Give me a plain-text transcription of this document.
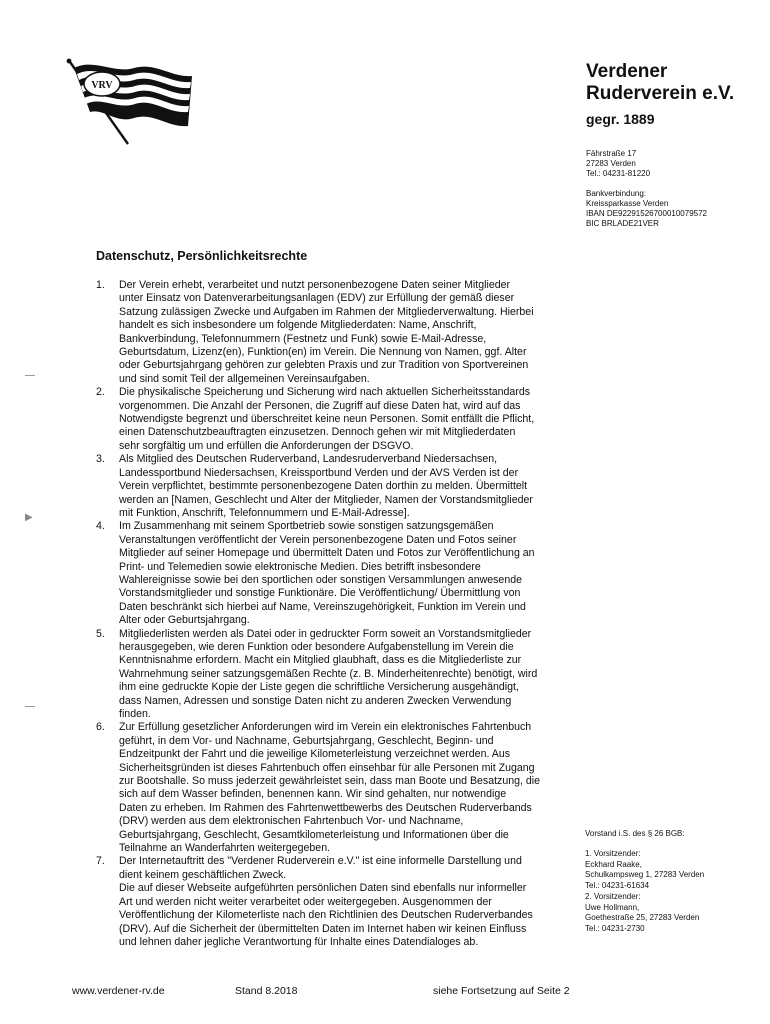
VRV
Verdener
Ruderverein e.V.
gegr. 1889
Fährstraße 17
27283 Verden
Tel.: 04231-81220
Bankverbindung:
Kreissparkasse Verden
IBAN DE92291526700010079572
BIC BRLADE21VER
Datenschutz, Persönlichkeitsrechte
1. Der Verein erhebt, verarbeitet und nutzt personenbezogene Daten seiner Mitglieder
unter Einsatz von Datenverarbeitungsanlagen (EDV) zur Erfüllung der gemäß dieser
Satzung zulässigen Zwecke und Aufgaben im Rahmen der Mitgliederverwaltung. Hierbei
handelt es sich insbesondere um folgende Mitgliederdaten: Name, Anschrift,
Bankverbindung, Telefonnummern (Festnetz und Funk) sowie E-Mail-Adresse,
Geburtsdatum, Lizenz(en), Funktion(en) im Verein. Die Nennung von Namen, ggf. Alter
oder Geburtsjahrgang gehören zur gelebten Praxis und zur Tradition von Sportvereinen
und sind somit Teil der allgemeinen Vereinsaufgaben.
2. Die physikalische Speicherung und Sicherung wird nach aktuellen Sicherheitsstandards
vorgenommen. Die Anzahl der Personen, die Zugriff auf diese Daten hat, wird auf das
Notwendigste begrenzt und überschreitet keine neun Personen. Somit entfällt die Pflicht,
einen Datenschutzbeauftragten einzusetzen. Dennoch gehen wir mit Mitgliederdaten
sehr sorgfältig um und erfüllen die Anforderungen der DSGVO.
3. Als Mitglied des Deutschen Ruderverband, Landesruderverband Niedersachsen,
Landessportbund Niedersachsen, Kreissportbund Verden und der AVS Verden ist der
Verein verpflichtet, bestimmte personenbezogene Daten dorthin zu melden. Übermittelt
werden an [Namen, Geschlecht und Alter der Mitglieder, Namen der Vorstandsmitglieder
mit Funktion, Anschrift, Telefonnummern und E-Mail-Adresse].
4. Im Zusammenhang mit seinem Sportbetrieb sowie sonstigen satzungsgemäßen
Veranstaltungen veröffentlicht der Verein personenbezogene Daten und Fotos seiner
Mitglieder auf seiner Homepage und übermittelt Daten und Fotos zur Veröffentlichung an
Print- und Telemedien sowie elektronische Medien. Dies betrifft insbesondere
Wahlereignisse sowie bei den sportlichen oder sonstigen Versammlungen anwesende
Vorstandsmitglieder und sonstige Funktionäre. Die Veröffentlichung/ Übermittlung von
Daten beschränkt sich hierbei auf Name, Vereinszugehörigkeit, Funktion im Verein und
Alter oder Geburtsjahrgang.
5. Mitgliederlisten werden als Datei oder in gedruckter Form soweit an Vorstandsmitglieder
herausgegeben, wie deren Funktion oder besondere Aufgabenstellung im Verein die
Kenntnisnahme erfordern. Macht ein Mitglied glaubhaft, dass es die Mitgliederliste zur
Wahrnehmung seiner satzungsgemäßen Rechte (z. B. Minderheitenrechte) benötigt, wird
ihm eine gedruckte Kopie der Liste gegen die schriftliche Versicherung ausgehändigt,
dass Namen, Adressen und sonstige Daten nicht zu anderen Zwecken Verwendung
finden.
6. Zur Erfüllung gesetzlicher Anforderungen wird im Verein ein elektronisches Fahrtenbuch
geführt, in dem Vor- und Nachname, Geburtsjahrgang, Geschlecht, Beginn- und
Endzeitpunkt der Fahrt und die jeweilige Kilometerleistung verzeichnet werden. Aus
Sicherheitsgründen ist dieses Fahrtenbuch offen einsehbar für alle Personen mit Zugang
zur Bootshalle. So muss jederzeit gewährleistet sein, dass man Boote und Besatzung, die
sich auf dem Wasser befinden, benennen kann. Wir sind gehalten, nur notwendige
Daten zu erheben. Im Rahmen des Fahrtenwettbewerbs des Deutschen Ruderverbands
(DRV) werden aus dem elektronischen Fahrtenbuch Vor- und Nachname,
Geburtsjahrgang, Geschlecht, Gesamtkilometerleistung und Informationen über die
Teilnahme an Wanderfahrten weitergegeben.
7. Der Internetauftritt des "Verdener Ruderverein e.V." ist eine informelle Darstellung und
dient keinem geschäftlichen Zweck.
Die auf dieser Webseite aufgeführten persönlichen Daten sind ebenfalls nur informeller
Art und werden nicht weiter verarbeitet oder weitergegeben. Ausgenommen der
Veröffentlichung der Kilometerliste nach den Richtlinien des Deutschen Ruderverbandes
(DRV). Auf die Sicherheit der übermittelten Daten im Internet haben wir keinen Einfluss
und lehnen daher jegliche Verantwortung für Inhalte eines Datendialoges ab.
▶
Vorstand i.S. des § 26 BGB:
1. Vorsitzender:
Eckhard Raake,
Schulkampsweg 1, 27283 Verden
Tel.: 04231-61634
2. Vorsitzender:
Uwe Hollmann,
Goethestraße 25, 27283 Verden
Tel.: 04231-2730
www.verdener-rv.de	Stand 8.2018	siehe Fortsetzung auf Seite 2
